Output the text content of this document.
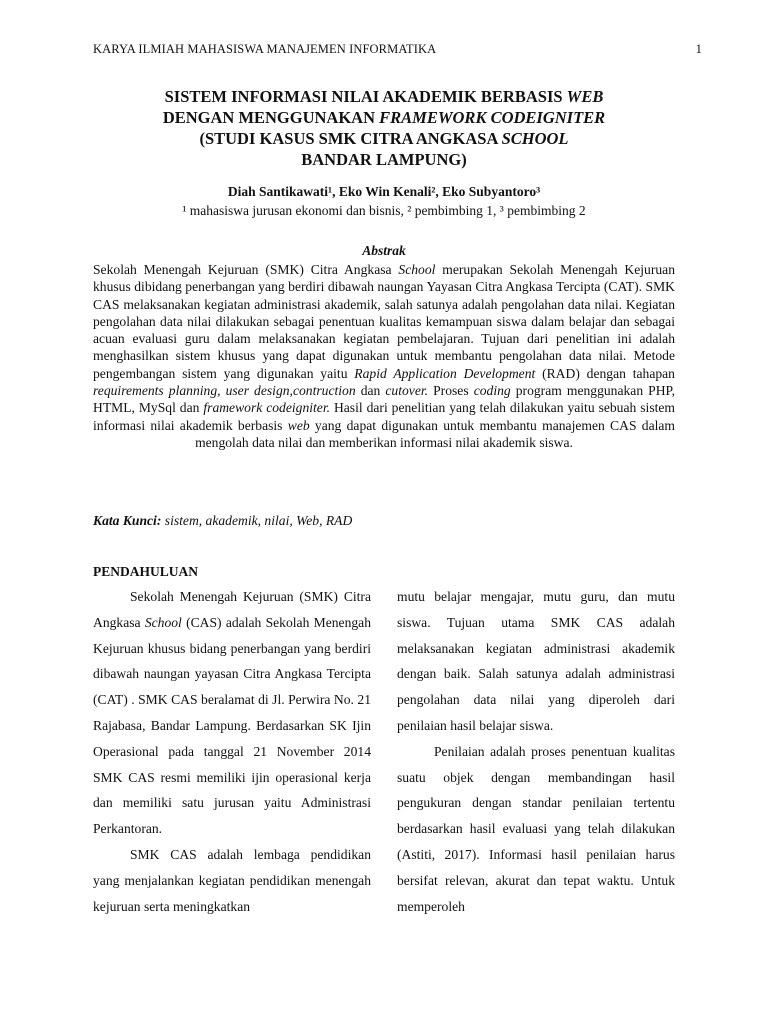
KARYA ILMIAH MAHASISWA MANAJEMEN INFORMATIKA	1
SISTEM INFORMASI NILAI AKADEMIK BERBASIS WEB
DENGAN MENGGUNAKAN FRAMEWORK CODEIGNITER
(STUDI KASUS SMK CITRA ANGKASA SCHOOL
BANDAR LAMPUNG)
Diah Santikawati¹, Eko Win Kenali², Eko Subyantoro³
¹ mahasiswa jurusan ekonomi dan bisnis, ² pembimbing 1, ³ pembimbing 2
Abstrak
Sekolah Menengah Kejuruan (SMK) Citra Angkasa School merupakan Sekolah Menengah Kejuruan khusus dibidang penerbangan yang berdiri dibawah naungan Yayasan Citra Angkasa Tercipta (CAT). SMK CAS melaksanakan kegiatan administrasi akademik, salah satunya adalah pengolahan data nilai. Kegiatan pengolahan data nilai dilakukan sebagai penentuan kualitas kemampuan siswa dalam belajar dan sebagai acuan evaluasi guru dalam melaksanakan kegiatan pembelajaran. Tujuan dari penelitian ini adalah menghasilkan sistem khusus yang dapat digunakan untuk membantu pengolahan data nilai. Metode pengembangan sistem yang digunakan yaitu Rapid Application Development (RAD) dengan tahapan requirements planning, user design,contruction dan cutover. Proses coding program menggunakan PHP, HTML, MySql dan framework codeigniter. Hasil dari penelitian yang telah dilakukan yaitu sebuah sistem informasi nilai akademik berbasis web yang dapat digunakan untuk membantu manajemen CAS dalam mengolah data nilai dan memberikan informasi nilai akademik siswa.
Kata Kunci: sistem, akademik, nilai, Web, RAD
PENDAHULUAN

Sekolah Menengah Kejuruan (SMK) Citra Angkasa School (CAS) adalah Sekolah Menengah Kejuruan khusus bidang penerbangan yang berdiri dibawah naungan yayasan Citra Angkasa Tercipta (CAT) . SMK CAS beralamat di Jl. Perwira No. 21 Rajabasa, Bandar Lampung. Berdasarkan SK Ijin Operasional pada tanggal 21 November 2014 SMK CAS resmi memiliki ijin operasional kerja dan memiliki satu jurusan yaitu Administrasi Perkantoran.

SMK CAS adalah lembaga pendidikan yang menjalankan kegiatan pendidikan menengah kejuruan serta meningkatkan

mutu belajar mengajar, mutu guru, dan mutu siswa. Tujuan utama SMK CAS adalah melaksanakan kegiatan administrasi akademik dengan baik. Salah satunya adalah administrasi pengolahan data nilai yang diperoleh dari penilaian hasil belajar siswa.

Penilaian adalah proses penentuan kualitas suatu objek dengan membandingan hasil pengukuran dengan standar penilaian tertentu berdasarkan hasil evaluasi yang telah dilakukan (Astiti, 2017). Informasi hasil penilaian harus bersifat relevan, akurat dan tepat waktu. Untuk memperoleh
